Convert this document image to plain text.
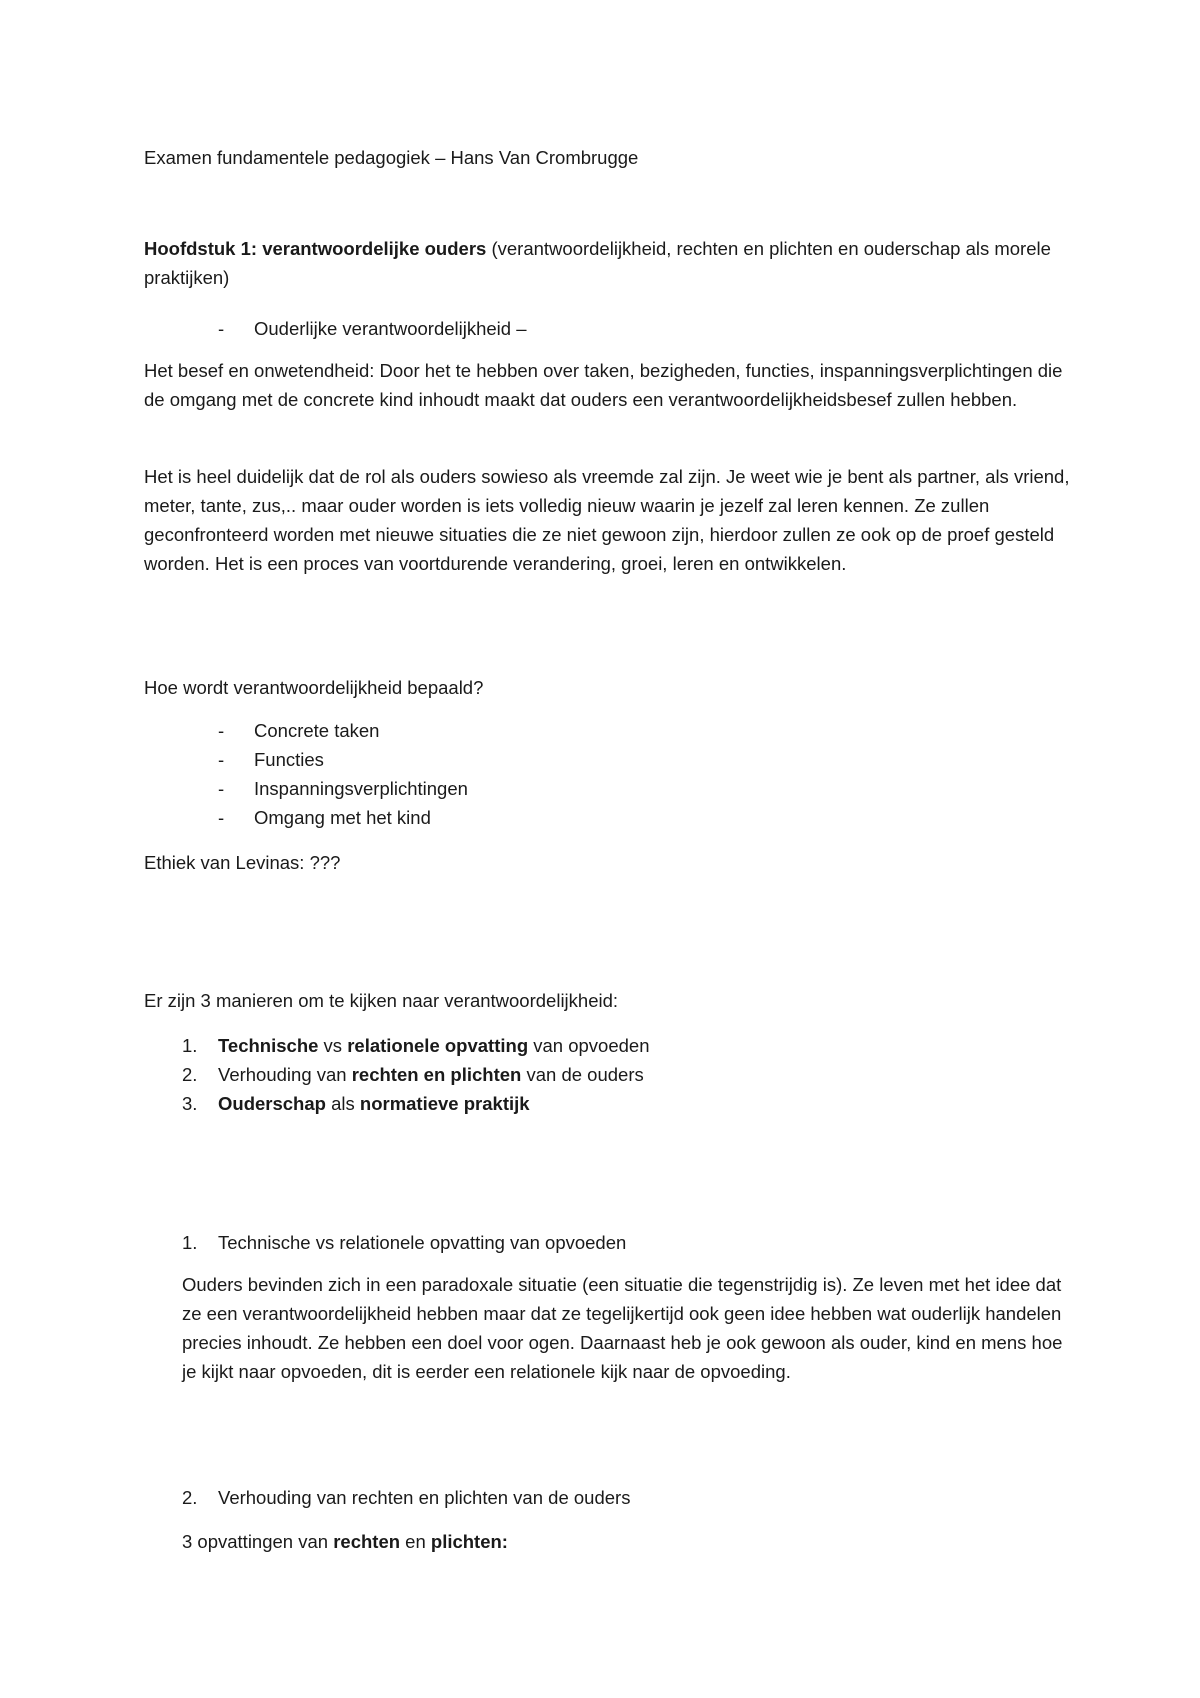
Examen fundamentele pedagogiek – Hans Van Crombrugge

Hoofdstuk 1: verantwoordelijke ouders (verantwoordelijkheid, rechten en plichten en ouderschap als morele praktijken)

-	Ouderlijke verantwoordelijkheid –

Het besef en onwetendheid: Door het te hebben over taken, bezigheden, functies, inspanningsverplichtingen die de omgang met de concrete kind inhoudt maakt dat ouders een verantwoordelijkheidsbesef zullen hebben.

Het is heel duidelijk dat de rol als ouders sowieso als vreemde zal zijn. Je weet wie je bent als partner, als vriend, meter, tante, zus,.. maar ouder worden is iets volledig nieuw waarin je jezelf zal leren kennen. Ze zullen geconfronteerd worden met nieuwe situaties die ze niet gewoon zijn, hierdoor zullen ze ook op de proef gesteld worden. Het is een proces van voortdurende verandering, groei, leren en ontwikkelen.

Hoe wordt verantwoordelijkheid bepaald?

-	Concrete taken
-	Functies
-	Inspanningsverplichtingen
-	Omgang met het kind

Ethiek van Levinas: ???

Er zijn 3 manieren om te kijken naar verantwoordelijkheid:

1.	Technische vs relationele opvatting van opvoeden
2.	Verhouding van rechten en plichten van de ouders
3.	Ouderschap als normatieve praktijk
1.	Technische vs relationele opvatting van opvoeden

Ouders bevinden zich in een paradoxale situatie (een situatie die tegenstrijdig is). Ze leven met het idee dat ze een verantwoordelijkheid hebben maar dat ze tegelijkertijd ook geen idee hebben wat ouderlijk handelen precies inhoudt. Ze hebben een doel voor ogen. Daarnaast heb je ook gewoon als ouder, kind en mens hoe je kijkt naar opvoeden, dit is eerder een relationele kijk naar de opvoeding.

2.	Verhouding van rechten en plichten van de ouders

3 opvattingen van rechten en plichten:
